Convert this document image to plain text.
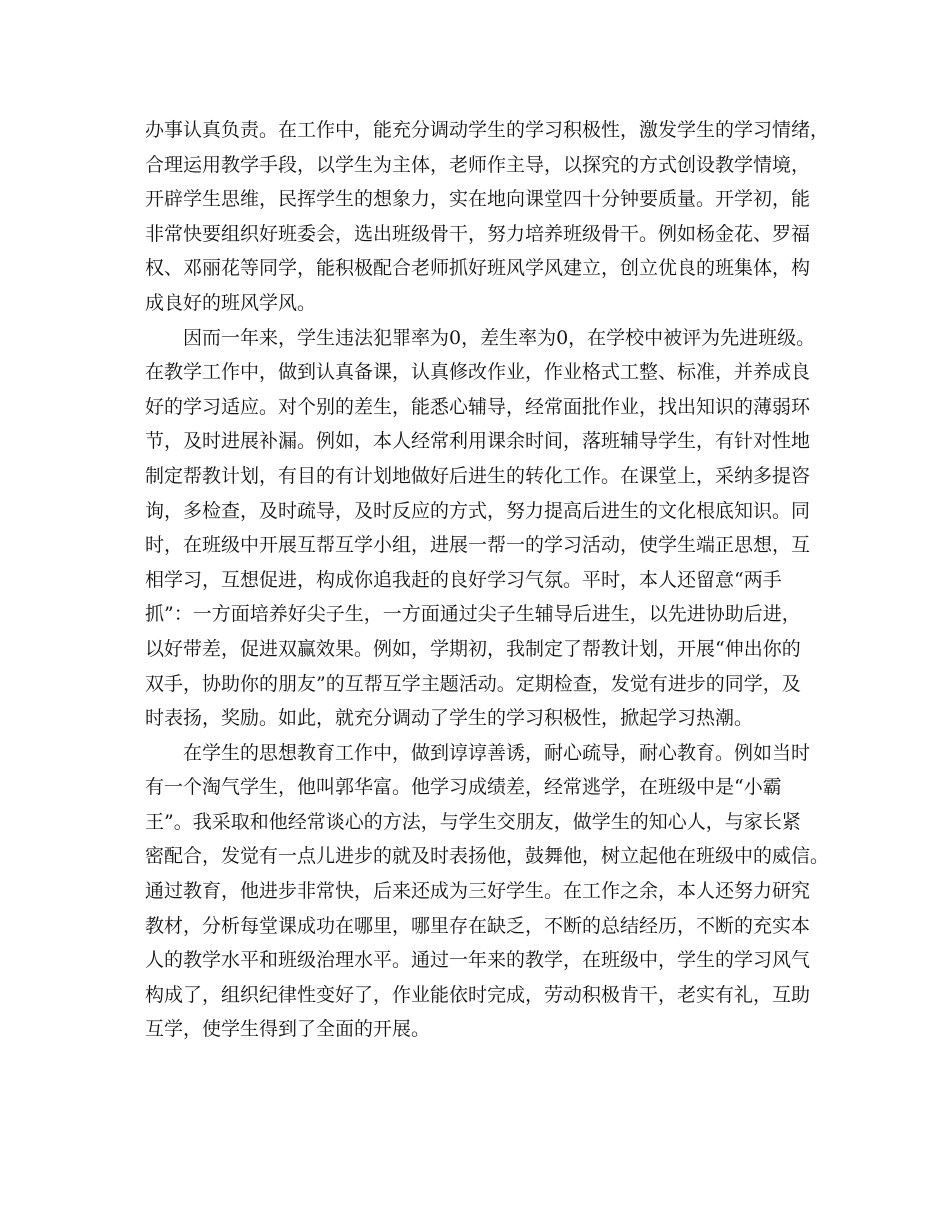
办事认真负责。在工作中，能充分调动学生的学习积极性，激发学生的学习情绪，
合理运用教学手段，以学生为主体，老师作主导，以探究的方式创设教学情境，
开辟学生思维，民挥学生的想象力，实在地向课堂四十分钟要质量。开学初，能
非常快要组织好班委会，选出班级骨干，努力培养班级骨干。例如杨金花、罗福
权、邓丽花等同学，能积极配合老师抓好班风学风建立，创立优良的班集体，构
成良好的班风学风。
因而一年来，学生违法犯罪率为0，差生率为0，在学校中被评为先进班级。
在教学工作中，做到认真备课，认真修改作业，作业格式工整、标准，并养成良
好的学习适应。对个别的差生，能悉心辅导，经常面批作业，找出知识的薄弱环
节，及时进展补漏。例如，本人经常利用课余时间，落班辅导学生，有针对性地
制定帮教计划，有目的有计划地做好后进生的转化工作。在课堂上，采纳多提咨
询，多检查，及时疏导，及时反应的方式，努力提高后进生的文化根底知识。同
时，在班级中开展互帮互学小组，进展一帮一的学习活动，使学生端正思想，互
相学习，互想促进，构成你追我赶的良好学习气氛。平时，本人还留意“两手
抓”：一方面培养好尖子生，一方面通过尖子生辅导后进生，以先进协助后进，
以好带差，促进双赢效果。例如，学期初，我制定了帮教计划，开展“伸出你的
双手，协助你的朋友”的互帮互学主题活动。定期检查，发觉有进步的同学，及
时表扬，奖励。如此，就充分调动了学生的学习积极性，掀起学习热潮。
在学生的思想教育工作中，做到谆谆善诱，耐心疏导，耐心教育。例如当时
有一个淘气学生，他叫郭华富。他学习成绩差，经常逃学，在班级中是“小霸
王”。我采取和他经常谈心的方法，与学生交朋友，做学生的知心人，与家长紧
密配合，发觉有一点儿进步的就及时表扬他，鼓舞他，树立起他在班级中的威信。
通过教育，他进步非常快，后来还成为三好学生。在工作之余，本人还努力研究
教材，分析每堂课成功在哪里，哪里存在缺乏，不断的总结经历，不断的充实本
人的教学水平和班级治理水平。通过一年来的教学，在班级中，学生的学习风气
构成了，组织纪律性变好了，作业能依时完成，劳动积极肯干，老实有礼，互助
互学，使学生得到了全面的开展。
